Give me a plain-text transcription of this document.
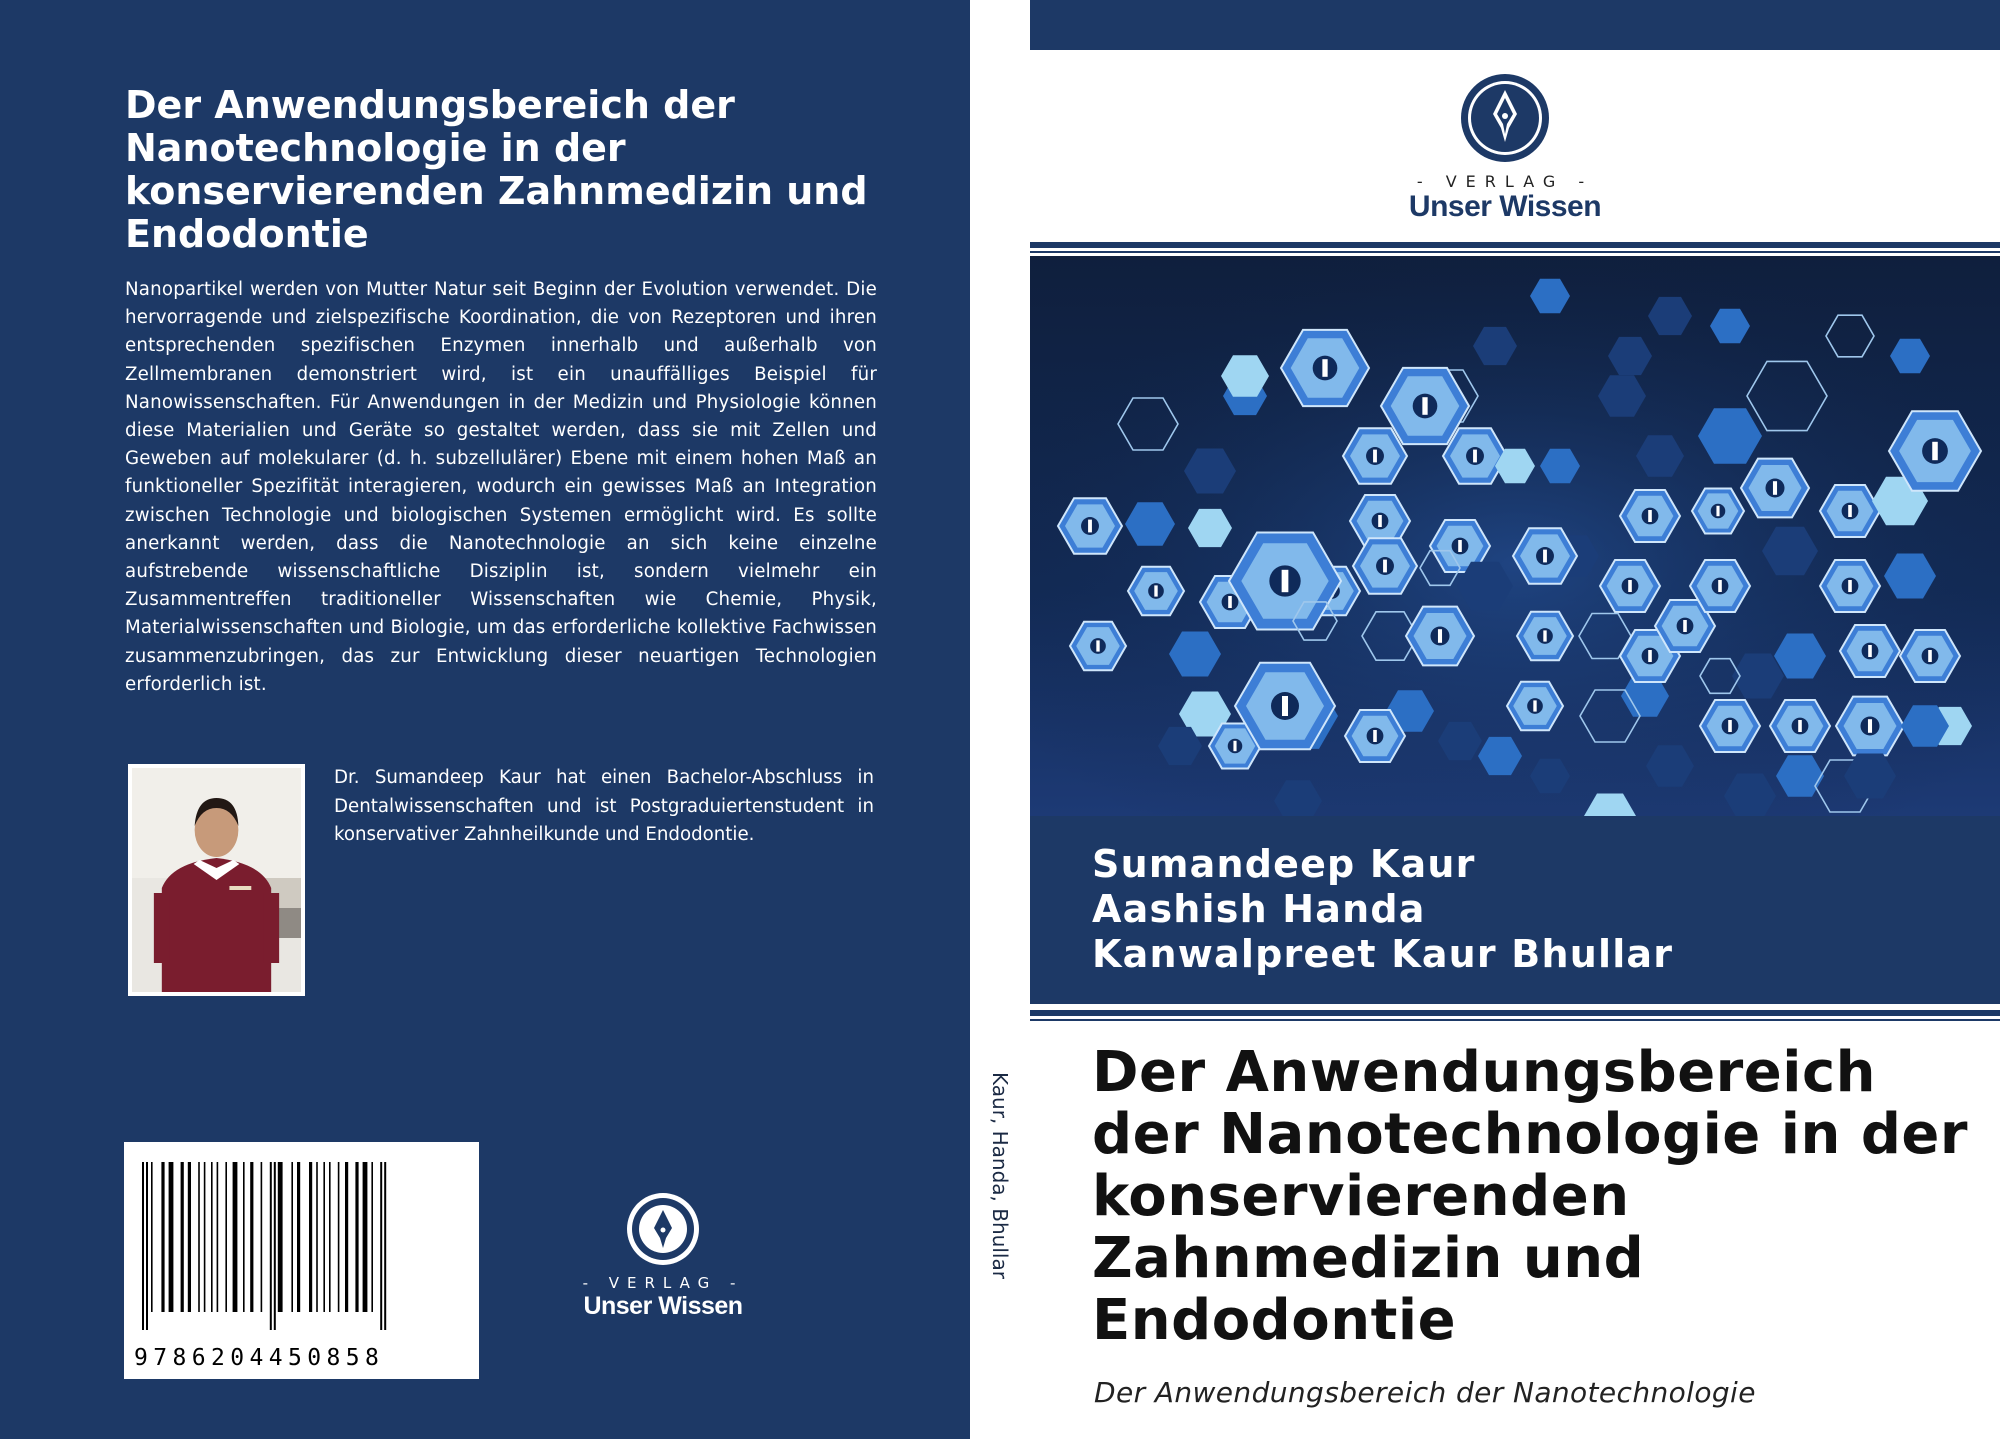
Der Anwendungsbereich der Nanotechnologie in der konservierenden Zahnmedizin und Endodontie

Nanopartikel werden von Mutter Natur seit Beginn der Evolution verwendet. Die hervorragende und zielspezifische Koordination, die von Rezeptoren und ihren entsprechenden spezifischen Enzymen innerhalb und außerhalb von Zellmembranen demonstriert wird, ist ein unauffälliges Beispiel für Nanowissenschaften. Für Anwendungen in der Medizin und Physiologie können diese Materialien und Geräte so gestaltet werden, dass sie mit Zellen und Geweben auf molekularer (d. h. subzellulärer) Ebene mit einem hohen Maß an funktioneller Spezifität interagieren, wodurch ein gewisses Maß an Integration zwischen Technologie und biologischen Systemen ermöglicht wird. Es sollte anerkannt werden, dass die Nanotechnologie an sich keine einzelne aufstrebende wissenschaftliche Disziplin ist, sondern vielmehr ein Zusammentreffen traditioneller Wissenschaften wie Chemie, Physik, Materialwissenschaften und Biologie, um das erforderliche kollektive Fachwissen zusammenzubringen, das zur Entwicklung dieser neuartigen Technologien erforderlich ist.

Dr. Sumandeep Kaur hat einen Bachelor-Abschluss in Dentalwissenschaften und ist Postgraduiertenstudent in konservativer Zahnheilkunde und Endodontie.

9786204450858
- VERLAG -
Unser Wissen
Kaur, Handa, Bhullar
- VERLAG -
Unser Wissen
Sumandeep Kaur
Aashish Handa
Kanwalpreet Kaur Bhullar
Der Anwendungsbereich der Nanotechnologie in der konservierenden Zahnmedizin und Endodontie

Der Anwendungsbereich der Nanotechnologie
